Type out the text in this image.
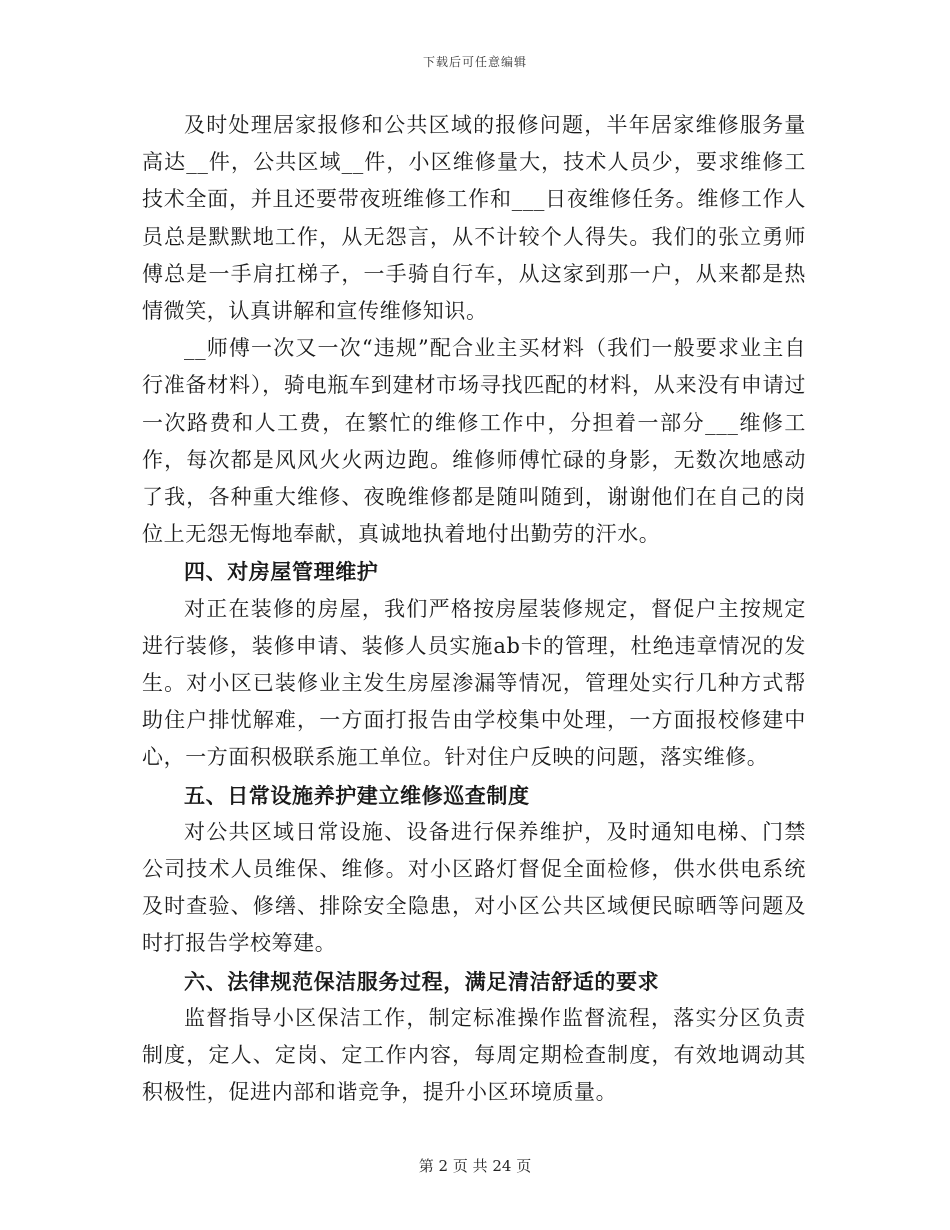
下载后可任意编辑

及时处理居家报修和公共区域的报修问题，半年居家维修服务量高达__件，公共区域__件，小区维修量大，技术人员少，要求维修工技术全面，并且还要带夜班维修工作和___日夜维修任务。维修工作人员总是默默地工作，从无怨言，从不计较个人得失。我们的张立勇师傅总是一手肩扛梯子，一手骑自行车，从这家到那一户，从来都是热情微笑，认真讲解和宣传维修知识。

__师傅一次又一次“违规”配合业主买材料（我们一般要求业主自行准备材料），骑电瓶车到建材市场寻找匹配的材料，从来没有申请过一次路费和人工费，在繁忙的维修工作中，分担着一部分___维修工作，每次都是风风火火两边跑。维修师傅忙碌的身影，无数次地感动了我，各种重大维修、夜晚维修都是随叫随到，谢谢他们在自己的岗位上无怨无悔地奉献，真诚地执着地付出勤劳的汗水。

四、对房屋管理维护

对正在装修的房屋，我们严格按房屋装修规定，督促户主按规定进行装修，装修申请、装修人员实施ab卡的管理，杜绝违章情况的发生。对小区已装修业主发生房屋渗漏等情况，管理处实行几种方式帮助住户排忧解难，一方面打报告由学校集中处理，一方面报校修建中心，一方面积极联系施工单位。针对住户反映的问题，落实维修。

五、日常设施养护建立维修巡查制度

对公共区域日常设施、设备进行保养维护，及时通知电梯、门禁公司技术人员维保、维修。对小区路灯督促全面检修，供水供电系统及时查验、修缮、排除安全隐患，对小区公共区域便民晾晒等问题及时打报告学校筹建。

六、法律规范保洁服务过程，满足清洁舒适的要求

监督指导小区保洁工作，制定标准操作监督流程，落实分区负责制度，定人、定岗、定工作内容，每周定期检查制度，有效地调动其积极性，促进内部和谐竞争，提升小区环境质量。

第 2 页 共 24 页
